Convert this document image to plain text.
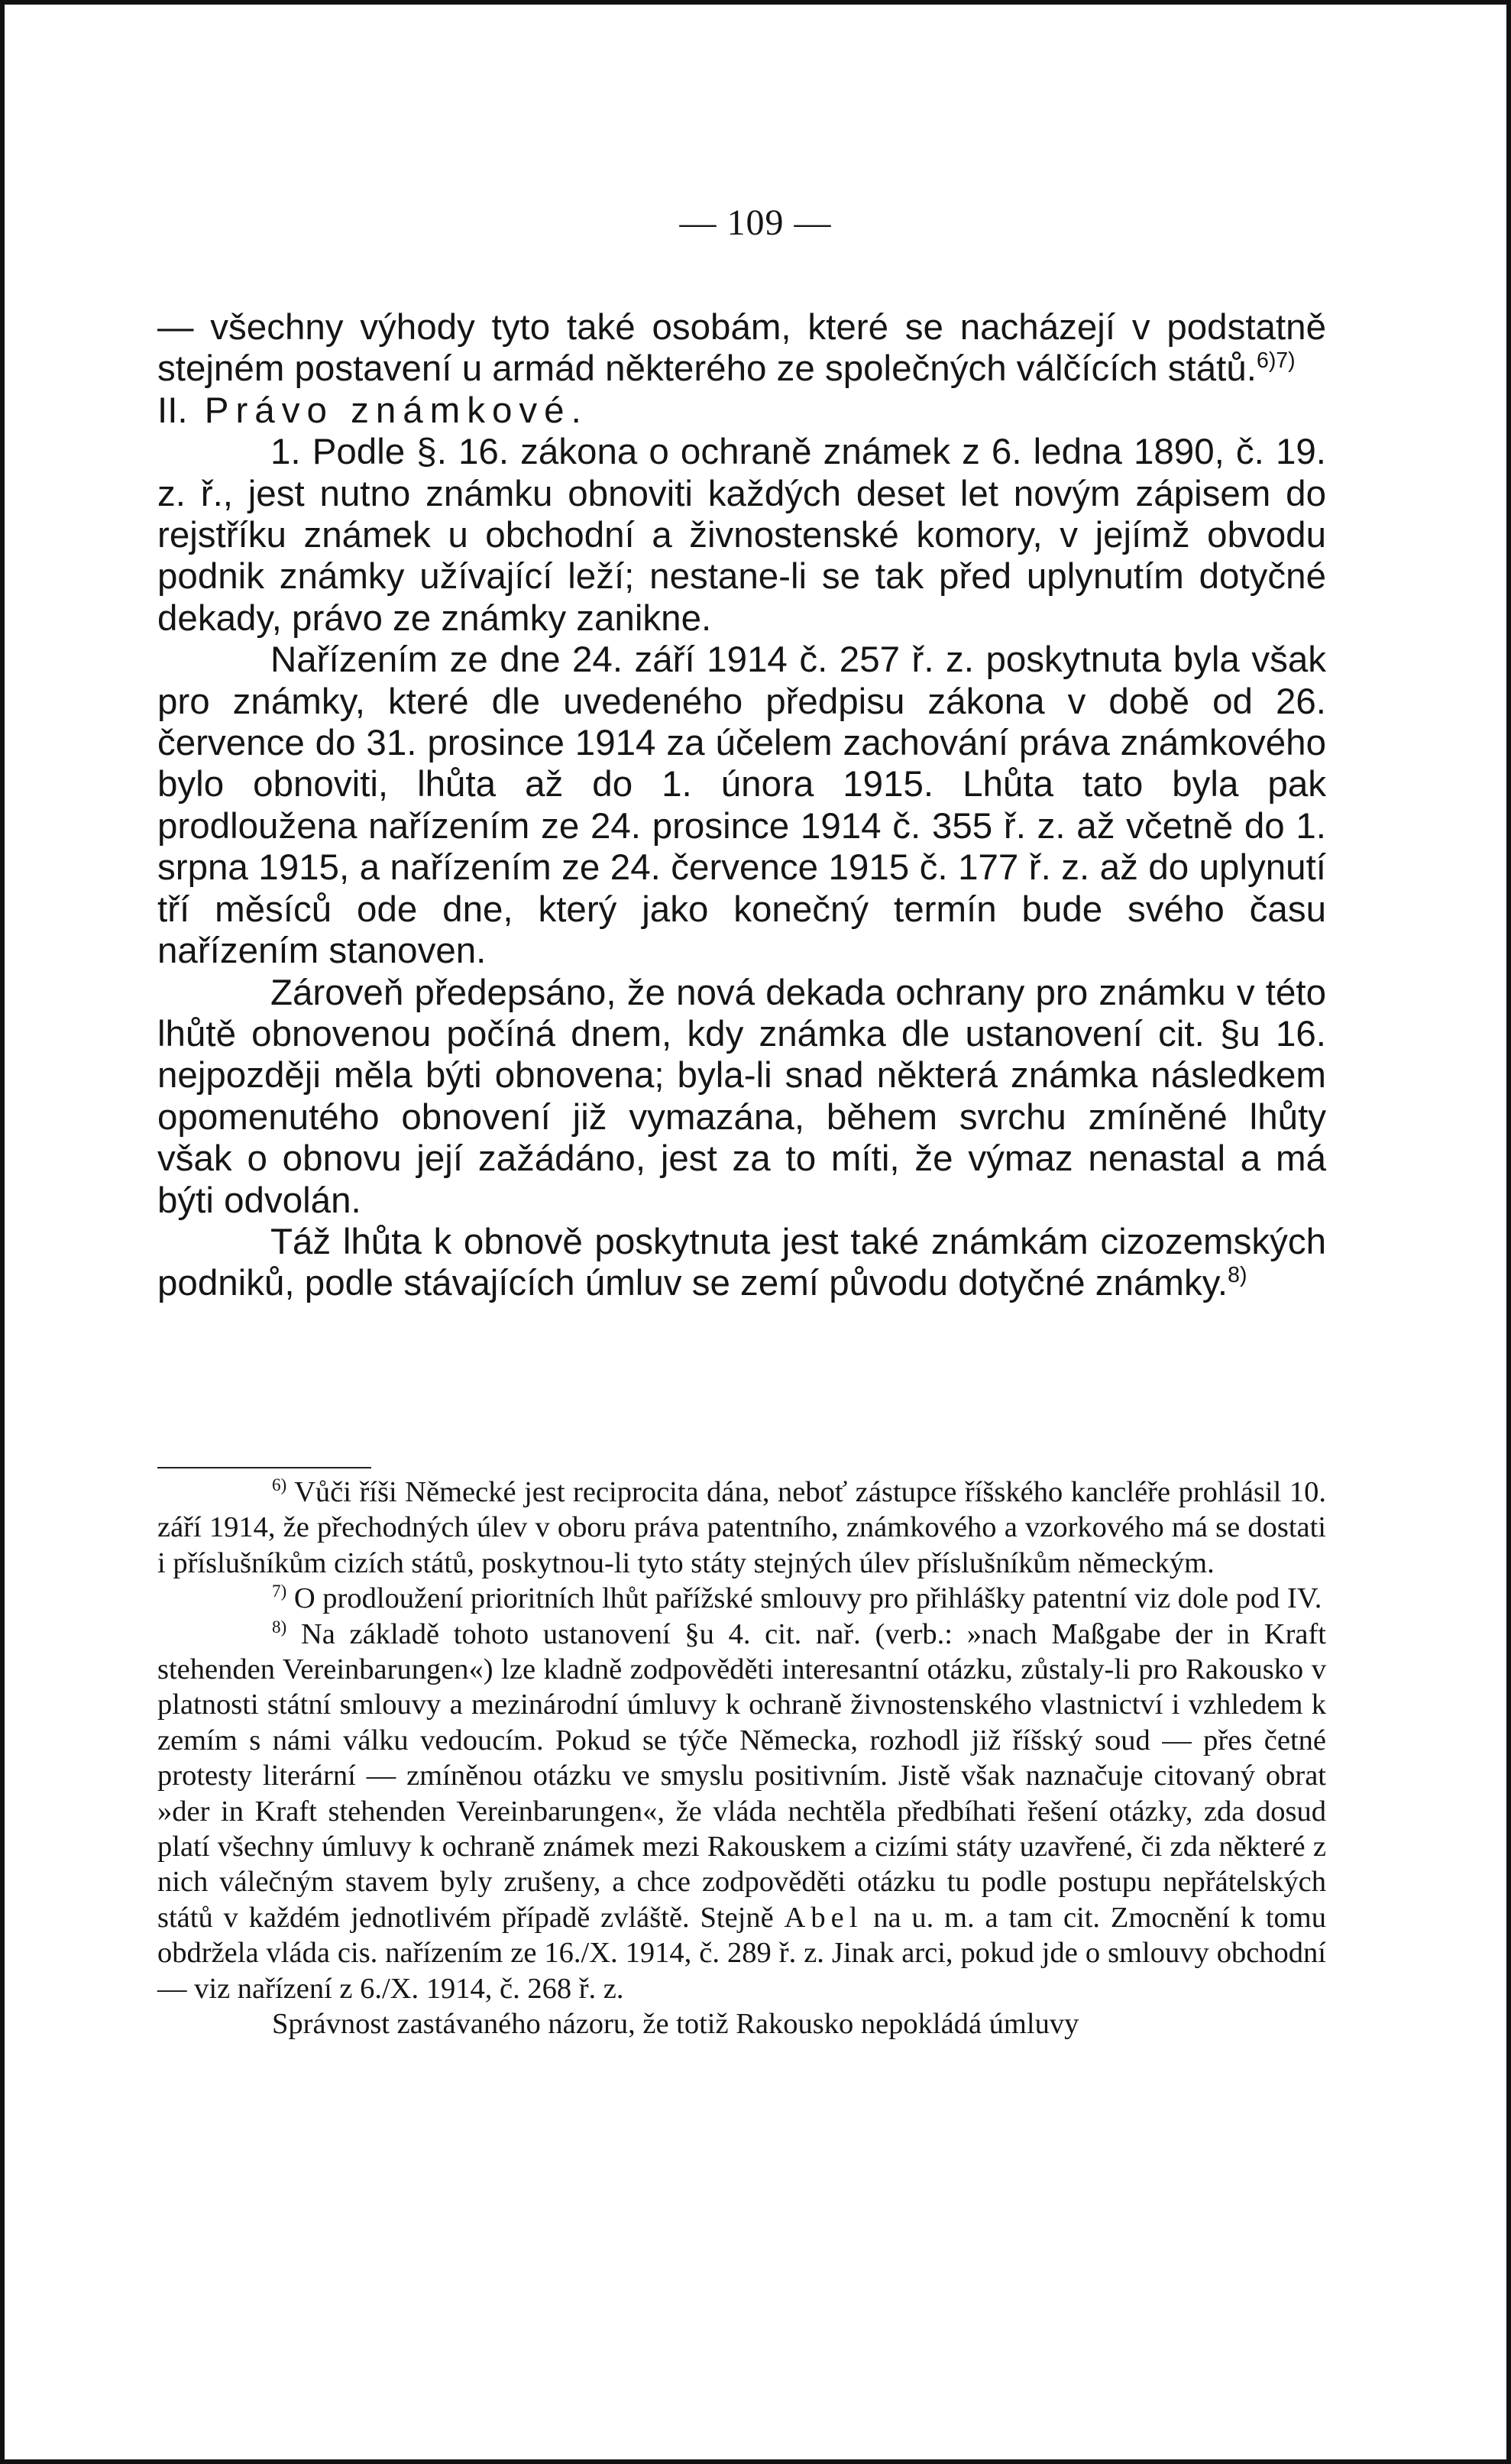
— 109 —

— všechny výhody tyto také osobám, které se nacházejí v podstatně stejném postavení u armád některého ze společných válčících států.$^{6)7)}$

II. Právo známkové.

1. Podle §. 16. zákona o ochraně známek z 6. ledna 1890, č. 19. z. ř., jest nutno známku obnoviti každých deset let novým zápisem do rejstříku známek u obchodní a živnostenské komory, v jejímž obvodu podnik známky užívající leží; nestane-li se tak před uplynutím dotyčné dekady, právo ze známky zanikne.

Nařízením ze dne 24. září 1914 č. 257 ř. z. poskytnuta byla však pro známky, které dle uvedeného předpisu zákona v době od 26. července do 31. prosince 1914 za účelem zachování práva známkového bylo obnoviti, lhůta až do 1. února 1915. Lhůta tato byla pak prodloužena nařízením ze 24. prosince 1914 č. 355 ř. z. až včetně do 1. srpna 1915, a nařízením ze 24. července 1915 č. 177 ř. z. až do uplynutí tří měsíců ode dne, který jako konečný termín bude svého času nařízením stanoven.

Zároveň předepsáno, že nová dekada ochrany pro známku v této lhůtě obnovenou počíná dnem, kdy známka dle ustanovení cit. §u 16. nejpozději měla býti obnovena; byla-li snad některá známka následkem opomenutého obnovení již vymazána, během svrchu zmíněné lhůty však o obnovu její zažádáno, jest za to míti, že výmaz nenastal a má býti odvolán.

Táž lhůta k obnově poskytnuta jest také známkám cizozemských podniků, podle stávajících úmluv se zemí původu dotyčné známky.$^{8)}$

$^{6)}$ Vůči říši Německé jest reciprocita dána, neboť zástupce říšského kancléře prohlásil 10. září 1914, že přechodných úlev v oboru práva patentního, známkového a vzorkového má se dostati i příslušníkům cizích států, poskytnou-li tyto státy stejných úlev příslušníkům německým.

$^{7)}$ O prodloužení prioritních lhůt pařížské smlouvy pro přihlášky patentní viz dole pod IV.

$^{8)}$ Na základě tohoto ustanovení §u 4. cit. nař. (verb.: »nach Maßgabe der in Kraft stehenden Vereinbarungen«) lze kladně zodpověděti interesantní otázku, zůstaly-li pro Rakousko v platnosti státní smlouvy a mezinárodní úmluvy k ochraně živnostenského vlastnictví i vzhledem k zemím s námi válku vedoucím. Pokud se týče Německa, rozhodl již říšský soud — přes četné protesty literární — zmíněnou otázku ve smyslu positivním. Jistě však naznačuje citovaný obrat »der in Kraft stehenden Vereinbarungen«, že vláda nechtěla předbíhati řešení otázky, zda dosud platí všechny úmluvy k ochraně známek mezi Rakouskem a cizími státy uzavřené, či zda některé z nich válečným stavem byly zrušeny, a chce zodpověděti otázku tu podle postupu nepřátelských států v každém jednotlivém případě zvláště. Stejně Abel na u. m. a tam cit. Zmocnění k tomu obdržela vláda cis. nařízením ze 16./X. 1914, č. 289 ř. z. Jinak arci, pokud jde o smlouvy obchodní — viz nařízení z 6./X. 1914, č. 268 ř. z.

Správnost zastávaného názoru, že totiž Rakousko nepokládá úmluvy
